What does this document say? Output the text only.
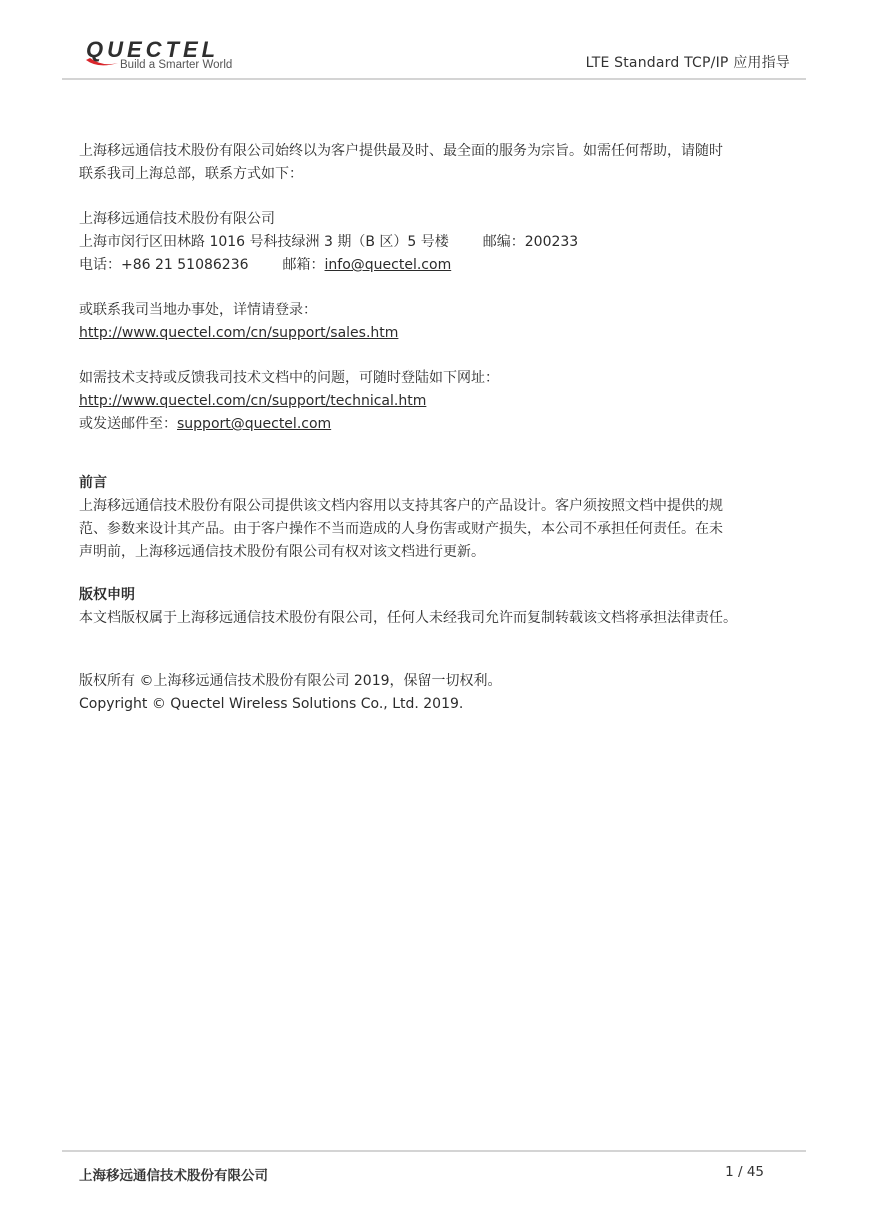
QUECTEL
Build a Smarter World	LTE Standard TCP/IP 应用指导

上海移远通信技术股份有限公司始终以为客户提供最及时、最全面的服务为宗旨。如需任何帮助，请随时

联系我司上海总部，联系方式如下：

上海移远通信技术股份有限公司

上海市闵行区田林路 1016 号科技绿洲 3 期（B 区）5 号楼 邮编：200233

电话：+86 21 51086236 邮箱：info@quectel.com

或联系我司当地办事处，详情请登录：

http://www.quectel.com/cn/support/sales.htm

如需技术支持或反馈我司技术文档中的问题，可随时登陆如下网址：

http://www.quectel.com/cn/support/technical.htm

或发送邮件至：support@quectel.com

前言

上海移远通信技术股份有限公司提供该文档内容用以支持其客户的产品设计。客户须按照文档中提供的规

范、参数来设计其产品。由于客户操作不当而造成的人身伤害或财产损失，本公司不承担任何责任。在未

声明前，上海移远通信技术股份有限公司有权对该文档进行更新。

版权申明

本文档版权属于上海移远通信技术股份有限公司，任何人未经我司允许而复制转载该文档将承担法律责任。

版权所有 ©上海移远通信技术股份有限公司 2019，保留一切权利。

Copyright © Quectel Wireless Solutions Co., Ltd. 2019.

上海移远通信技术股份有限公司	1 / 45
